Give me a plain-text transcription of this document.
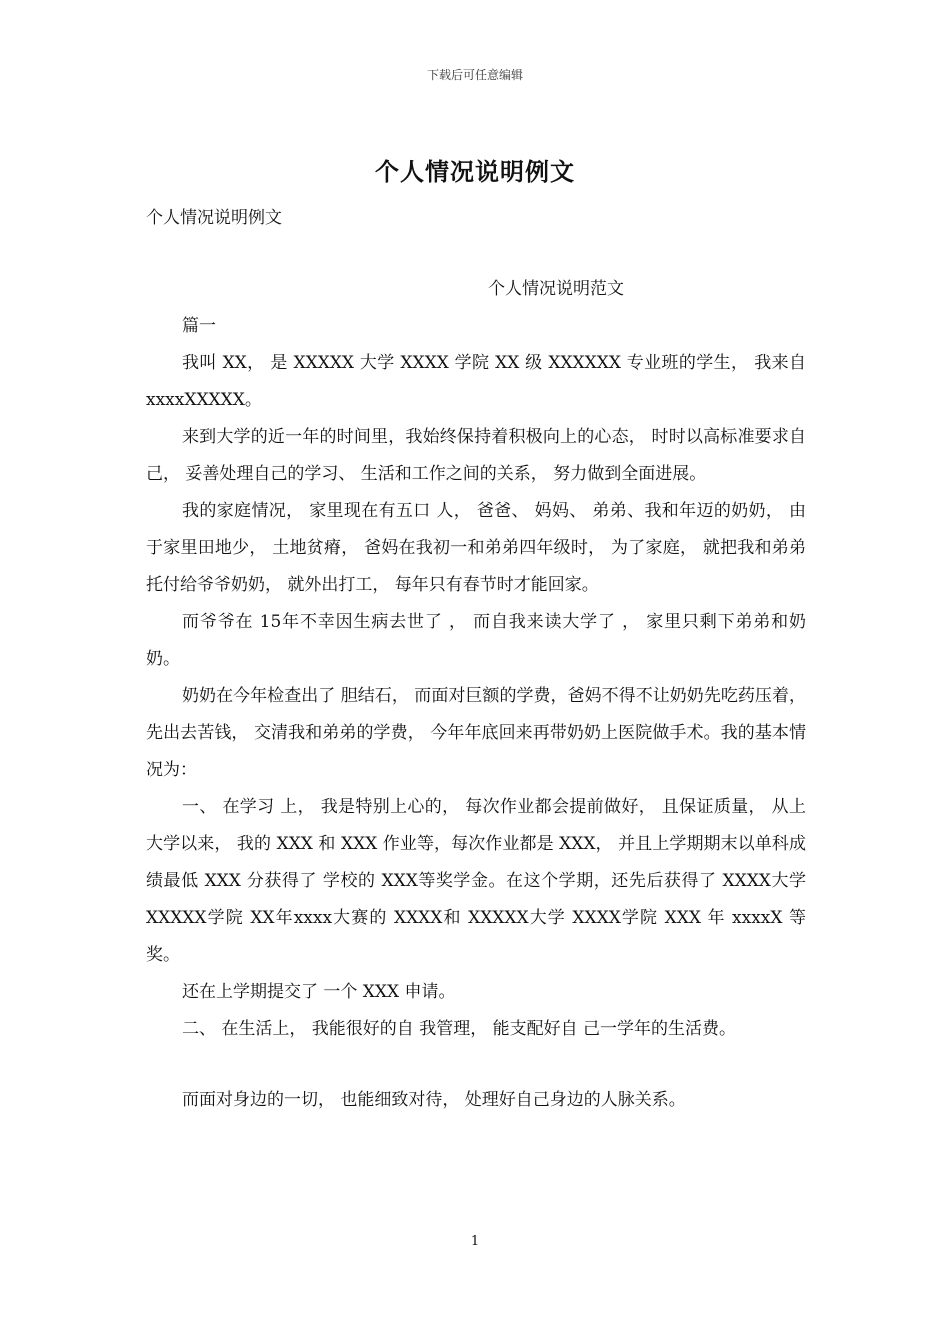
下载后可任意编辑
个人情况说明例文

个人情况说明例文

个人情况说明范文

篇一

我叫 XX， 是 XXXXX 大学 XXXX 学院 XX 级 XXXXXX 专业班的学生， 我来自 xxxxXXXXX。

来到大学的近一年的时间里，我始终保持着积极向上的心态， 时时以高标准要求自己， 妥善处理自己的学习、 生活和工作之间的关系， 努力做到全面进展。

我的家庭情况， 家里现在有五口 人， 爸爸、 妈妈、 弟弟、我和年迈的奶奶， 由于家里田地少， 土地贫瘠， 爸妈在我初一和弟弟四年级时， 为了家庭， 就把我和弟弟托付给爷爷奶奶， 就外出打工， 每年只有春节时才能回家。

而爷爷在 15年不幸因生病去世了 ， 而自我来读大学了 ， 家里只剩下弟弟和奶奶。

奶奶在今年检查出了 胆结石， 而面对巨额的学费，爸妈不得不让奶奶先吃药压着， 先出去苦钱， 交清我和弟弟的学费， 今年年底回来再带奶奶上医院做手术。我的基本情况为：

一、 在学习 上， 我是特别上心的， 每次作业都会提前做好， 且保证质量， 从上大学以来， 我的 XXX 和 XXX 作业等，每次作业都是 XXX， 并且上学期期末以单科成绩最低 XXX 分获得了 学校的 XXX等奖学金。在这个学期，还先后获得了 XXXX大学 XXXXX学院 XX年xxxx大赛的 XXXX和 XXXXX大学 XXXX学院 XXX 年 xxxxX 等奖。

还在上学期提交了 一个 XXX 申请。

二、 在生活上， 我能很好的自 我管理， 能支配好自 己一学年的生活费。

而面对身边的一切， 也能细致对待， 处理好自己身边的人脉关系。

1
